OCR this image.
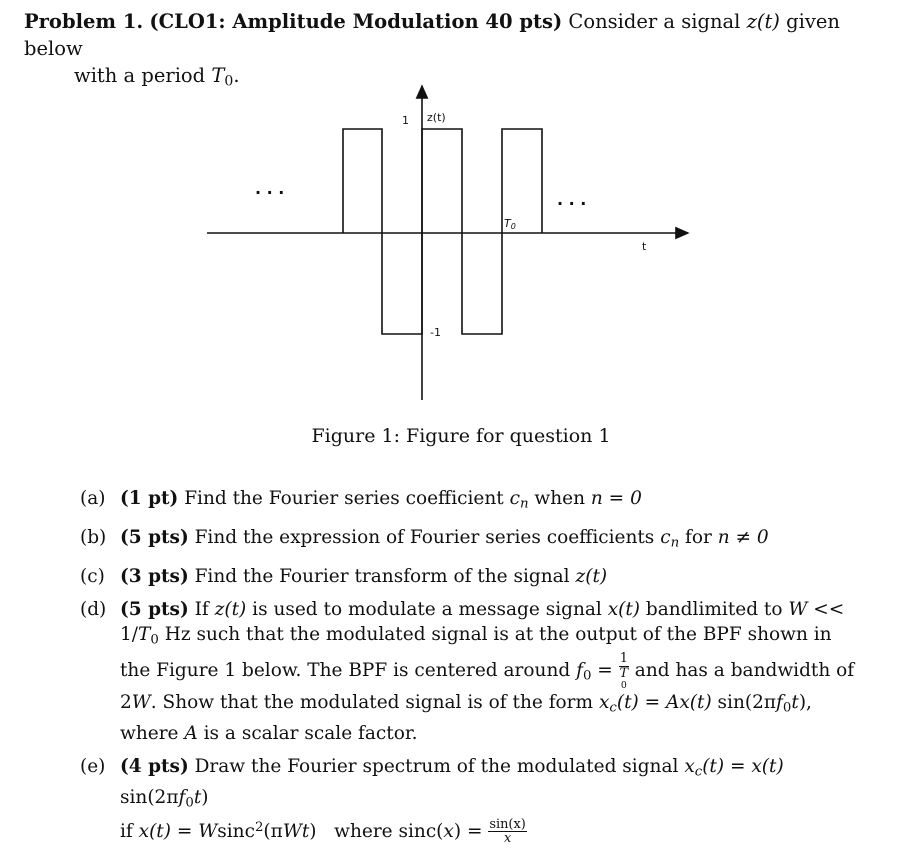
Problem 1. (CLO1: Amplitude Modulation 40 pts) Consider a signal z(t) given below
with a period $T_0$.
1 z(t)
-1
t
T0
. . .
. . .
Figure 1: Figure for question 1
(a) (1 pt) Find the Fourier series coefficient $c_n$ when n = 0
(b) (5 pts) Find the expression of Fourier series coefficients $c_n$ for n ≠ 0
(c) (3 pts) Find the Fourier transform of the signal z(t)
(d) (5 pts) If z(t) is used to modulate a message signal x(t) bandlimited to $W << 1/T_0$ Hz such that the modulated signal is at the output of the BPF shown in the Figure 1 below. The BPF is centered around $f_0 = 1$
T
0 and has a bandwidth of 2W. Show that the modulated signal is of the form $x_c(t) = Ax(t)$ $\sin(2\pi f_0t)$, where A is a scalar scale factor.
(e) (4 pts) Draw the Fourier spectrum of the modulated signal $x_c(t) = x(t)$ $\sin(2\pi f_0t)$
if x(t) = Wsinc$^2$(πWt)   where $\sin c(x) = \frac{\sin(x)}{x}$
